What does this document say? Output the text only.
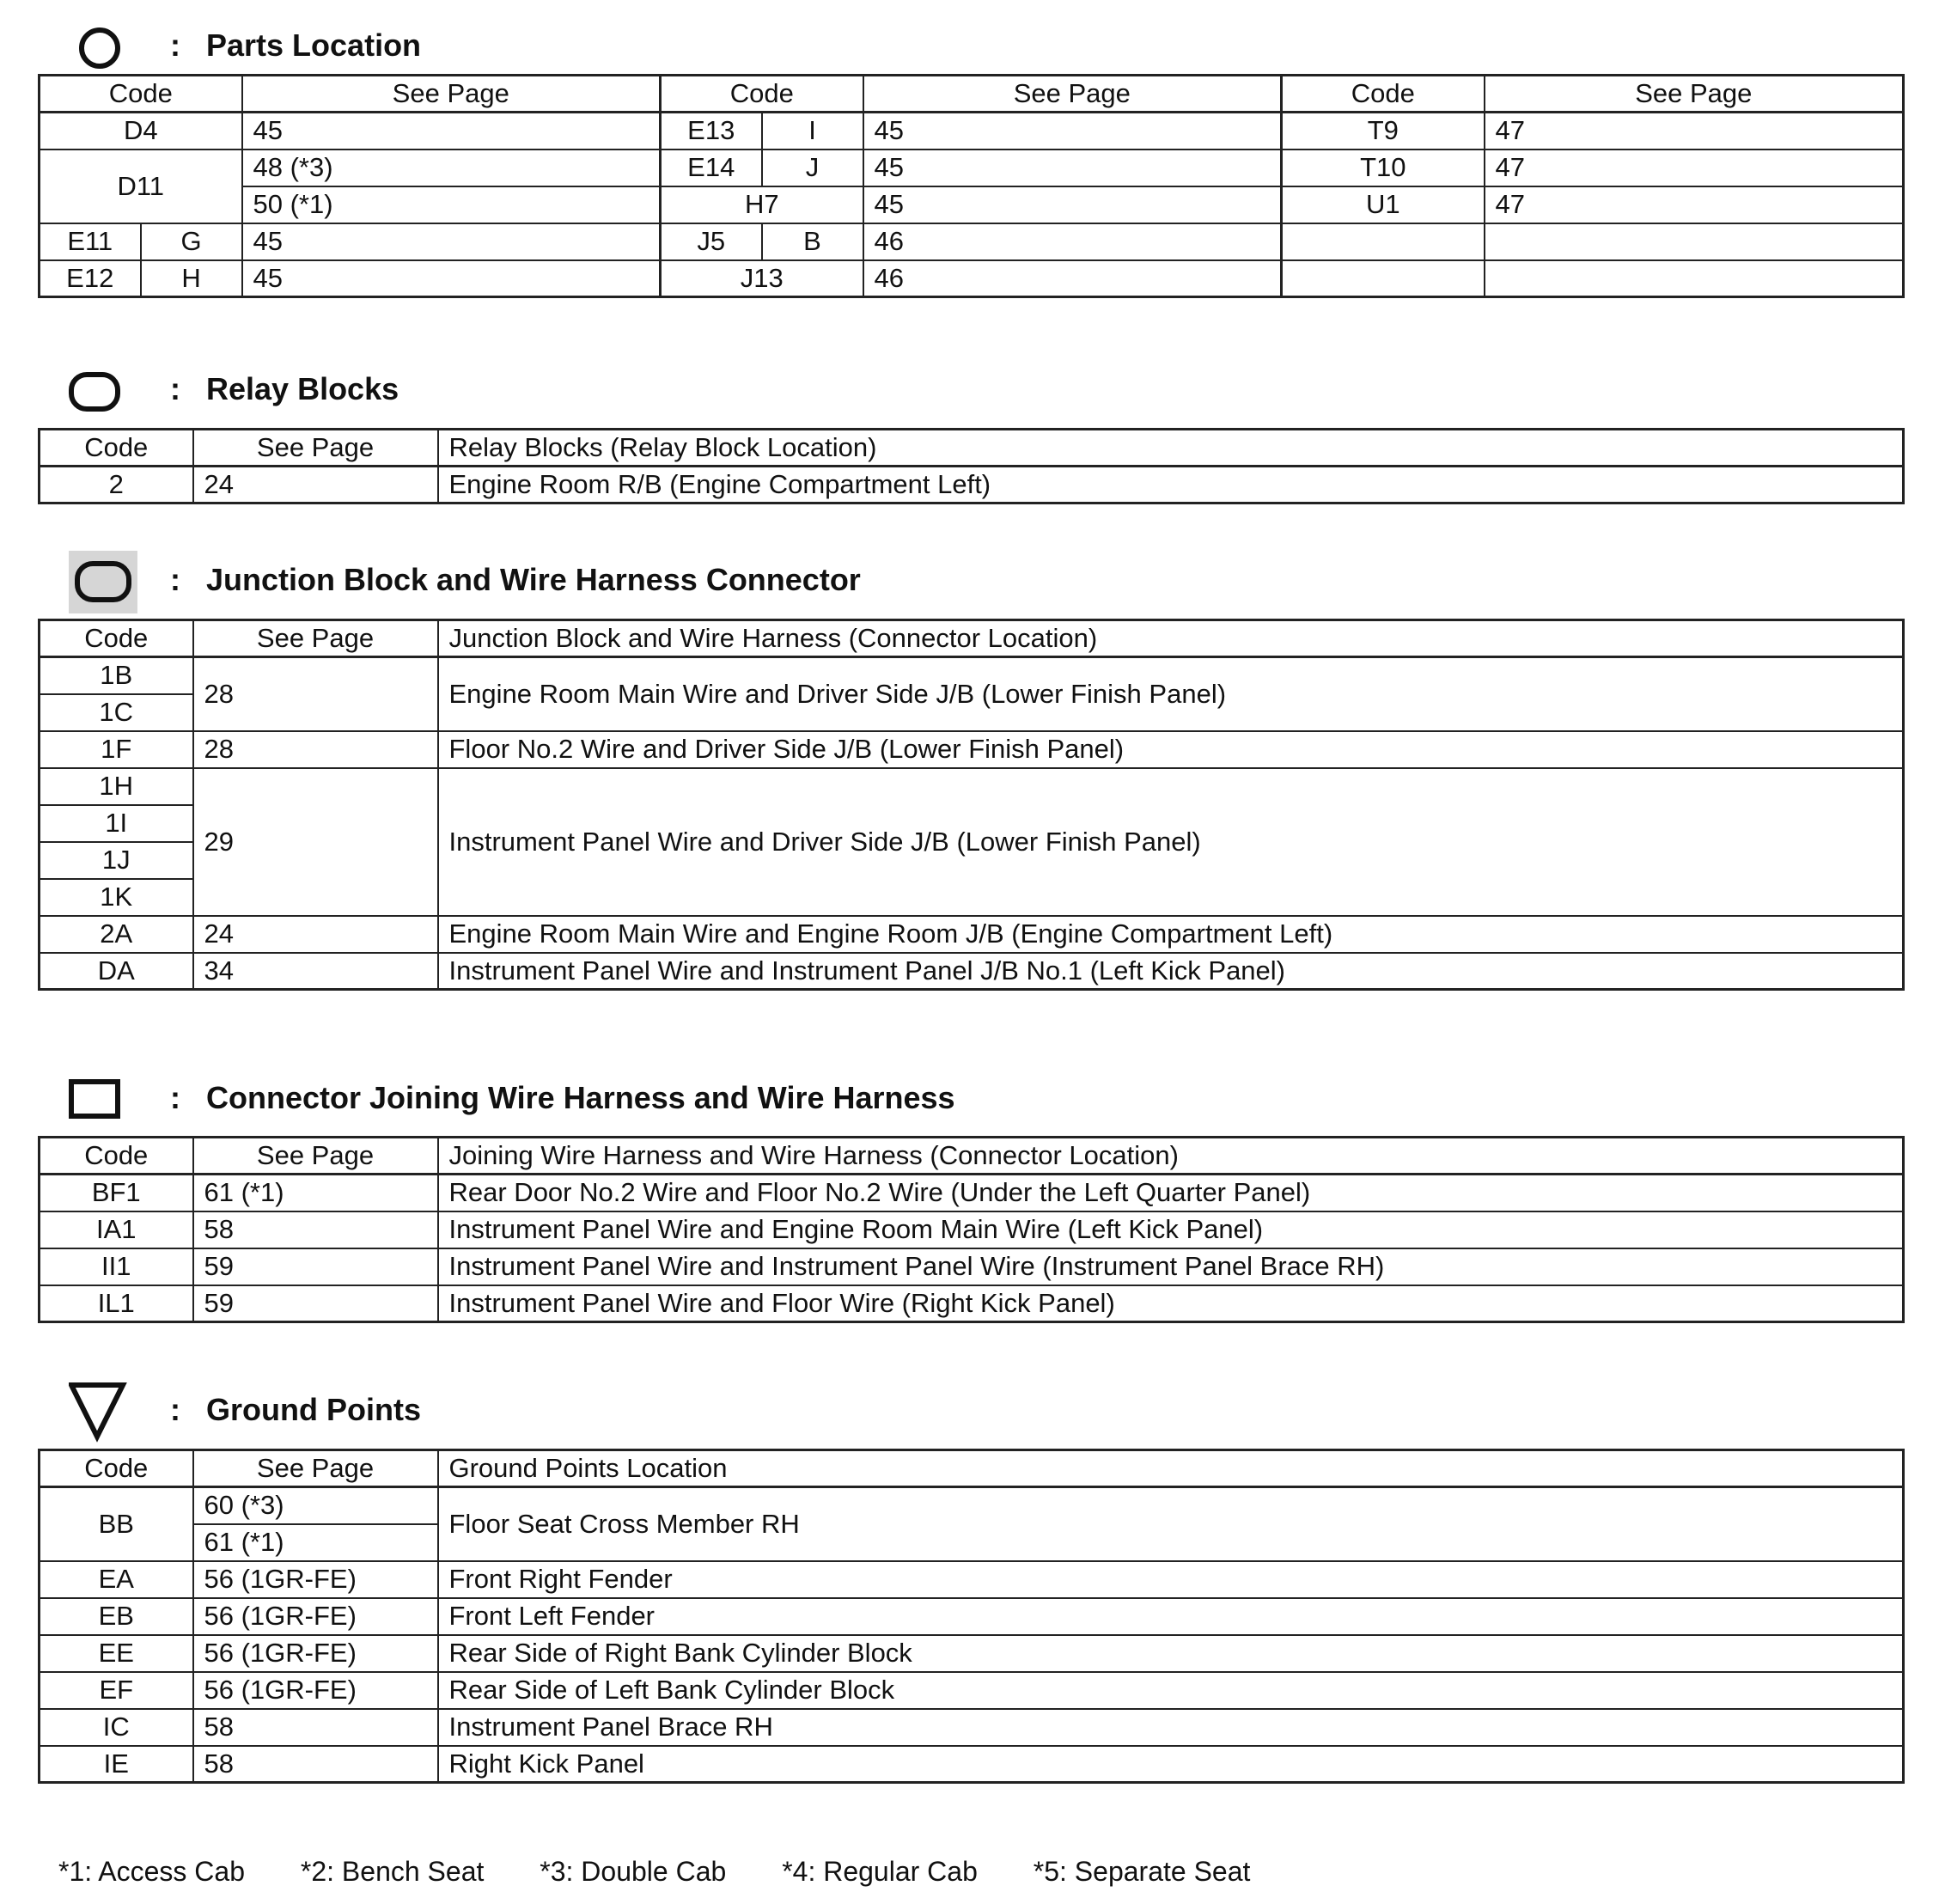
: Parts Location
Code		See Page	Code		See Page	Code	See Page
D4		45	E13	I	45	T9	47
D11		48 (*3)	E14	J	45	T10	47
		50 (*1)	H7		45	U1	47
E11	G	45	J5	B	46		
E12	H	45	J13		46		
: Relay Blocks
Code	See Page	Relay Blocks (Relay Block Location)
2	24	Engine Room R/B (Engine Compartment Left)
: Junction Block and Wire Harness Connector
Code	See Page	Junction Block and Wire Harness (Connector Location)
1B	28	Engine Room Main Wire and Driver Side J/B (Lower Finish Panel)
1C		
1F	28	Floor No.2 Wire and Driver Side J/B (Lower Finish Panel)
1H	29	Instrument Panel Wire and Driver Side J/B (Lower Finish Panel)
1I		
1J		
1K		
2A	24	Engine Room Main Wire and Engine Room J/B (Engine Compartment Left)
DA	34	Instrument Panel Wire and Instrument Panel J/B No.1 (Left Kick Panel)
: Connector Joining Wire Harness and Wire Harness
Code	See Page	Joining Wire Harness and Wire Harness (Connector Location)
BF1	61 (*1)	Rear Door No.2 Wire and Floor No.2 Wire (Under the Left Quarter Panel)
IA1	58	Instrument Panel Wire and Engine Room Main Wire (Left Kick Panel)
II1	59	Instrument Panel Wire and Instrument Panel Wire (Instrument Panel Brace RH)
IL1	59	Instrument Panel Wire and Floor Wire (Right Kick Panel)
: Ground Points
Code	See Page	Ground Points Location
BB	60 (*3)	Floor Seat Cross Member RH
	61 (*1)	
EA	56 (1GR-FE)	Front Right Fender
EB	56 (1GR-FE)	Front Left Fender
EE	56 (1GR-FE)	Rear Side of Right Bank Cylinder Block
EF	56 (1GR-FE)	Rear Side of Left Bank Cylinder Block
IC	58	Instrument Panel Brace RH
IE	58	Right Kick Panel
*1: Access Cab *2: Bench Seat *3: Double Cab *4: Regular Cab *5: Separate Seat
